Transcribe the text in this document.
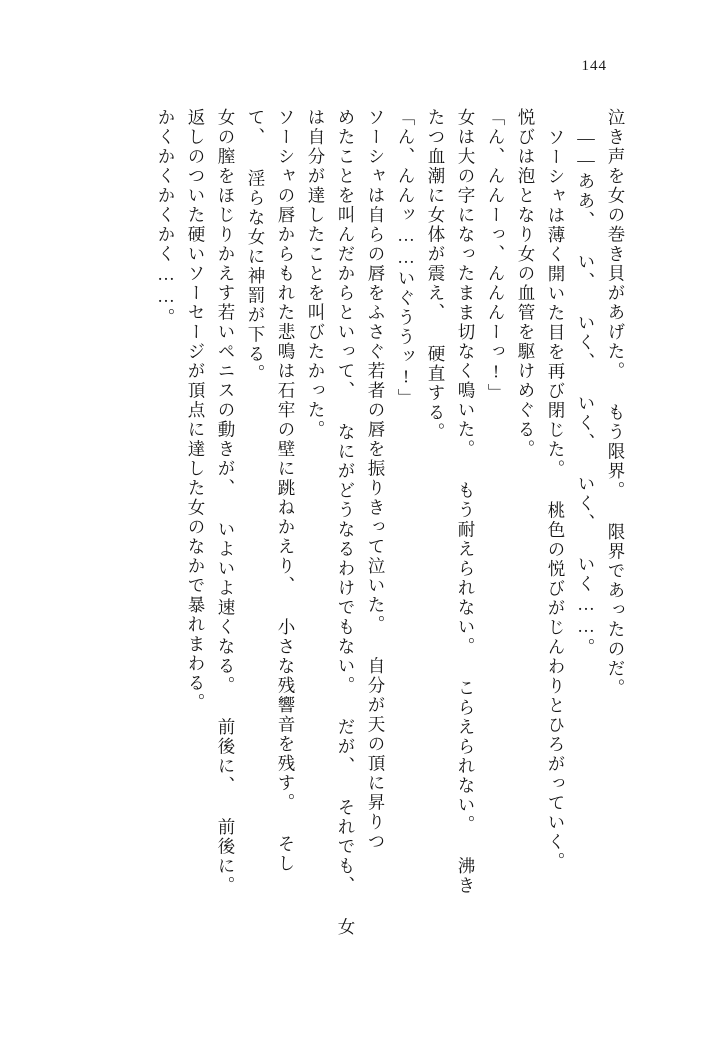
144
泣き声を女の巻き貝があげた。 もう限界。 限界であったのだ。
――ああ、 い、 いく、 いく、 いく、 いく……。
ソーシャは薄く開いた目を再び閉じた。 桃色の悦びがじんわりとひろがっていく。
悦びは泡となり女の血管を駆けめぐる。
「ん、んんーっ、んんんーっ!」
女は大の字になったまま切なく鳴いた。 もう耐えられない。 こらえられない。 沸き
たつ血潮に女体が震え、 硬直する。
「ん、んんッ……いぐううッ!」
ソーシャは自らの唇をふさぐ若者の唇を振りきって泣いた。 自分が天の頂に昇りつ
めたことを叫んだからといって、 なにがどうなるわけでもない。 だが、 それでも、 女
は自分が達したことを叫びたかった。
ソーシャの唇からもれた悲鳴は石牢の壁に跳ねかえり、 小さな残響音を残す。 そし
て、 淫らな女に神罰が下る。
女の膣をほじりかえす若いペニスの動きが、 いよいよ速くなる。 前後に、 前後に。
返しのついた硬いソーセージが頂点に達した女のなかで暴れまわる。
かくかくかくかく……。
